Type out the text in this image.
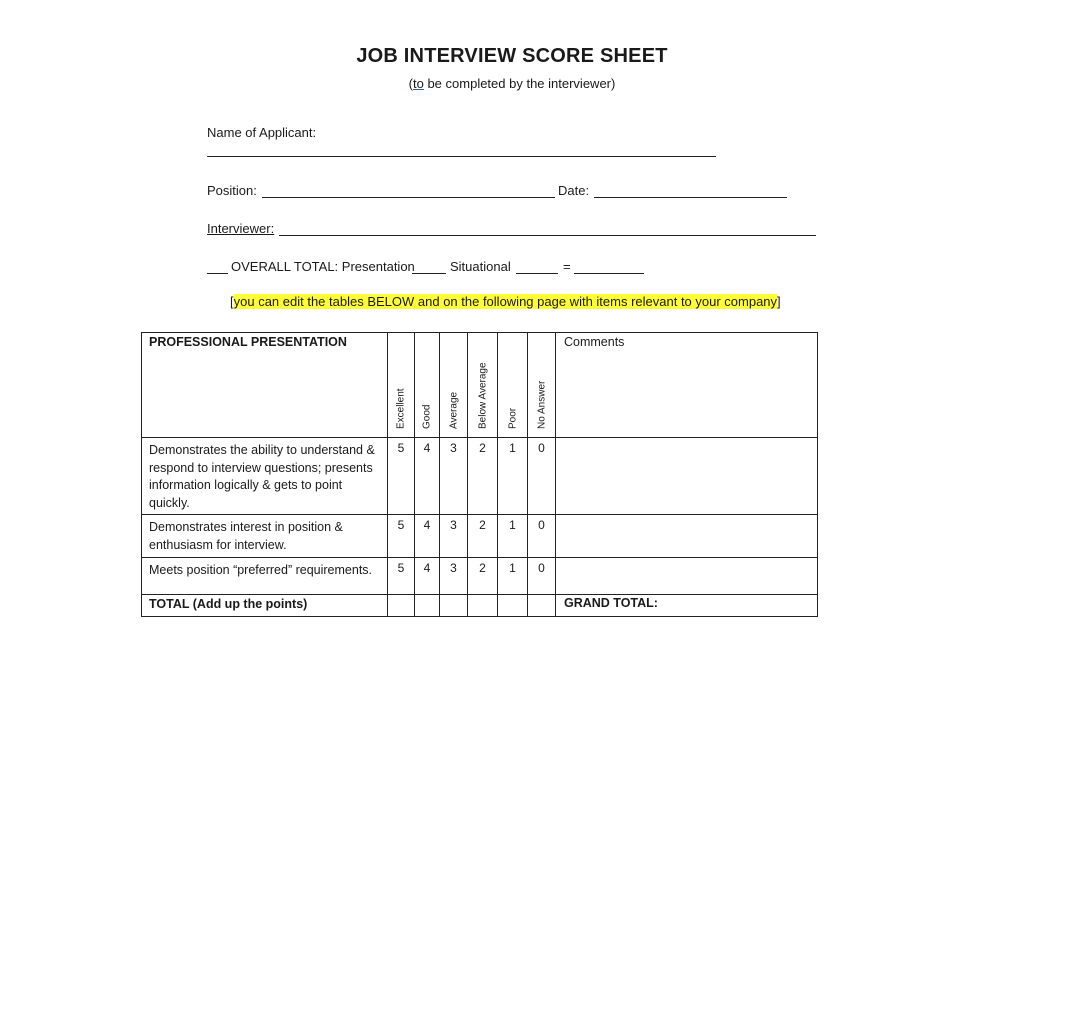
JOB INTERVIEW SCORE SHEET
(to be completed by the interviewer)
Name of Applicant:
Position:	Date:
Interviewer:
OVERALL TOTAL: Presentation	Situational	=
[you can edit the tables BELOW and on the following page with items relevant to your company]
PROFESSIONAL PRESENTATION	Excellent	Good	Average	Below Average	Poor	No Answer	Comments
Demonstrates the ability to understand & respond to interview questions; presents information logically & gets to point quickly.	5	4	3	2	1	0	
Demonstrates interest in position & enthusiasm for interview.	5	4	3	2	1	0	
Meets position “preferred” requirements.	5	4	3	2	1	0	
TOTAL (Add up the points)							GRAND TOTAL:
